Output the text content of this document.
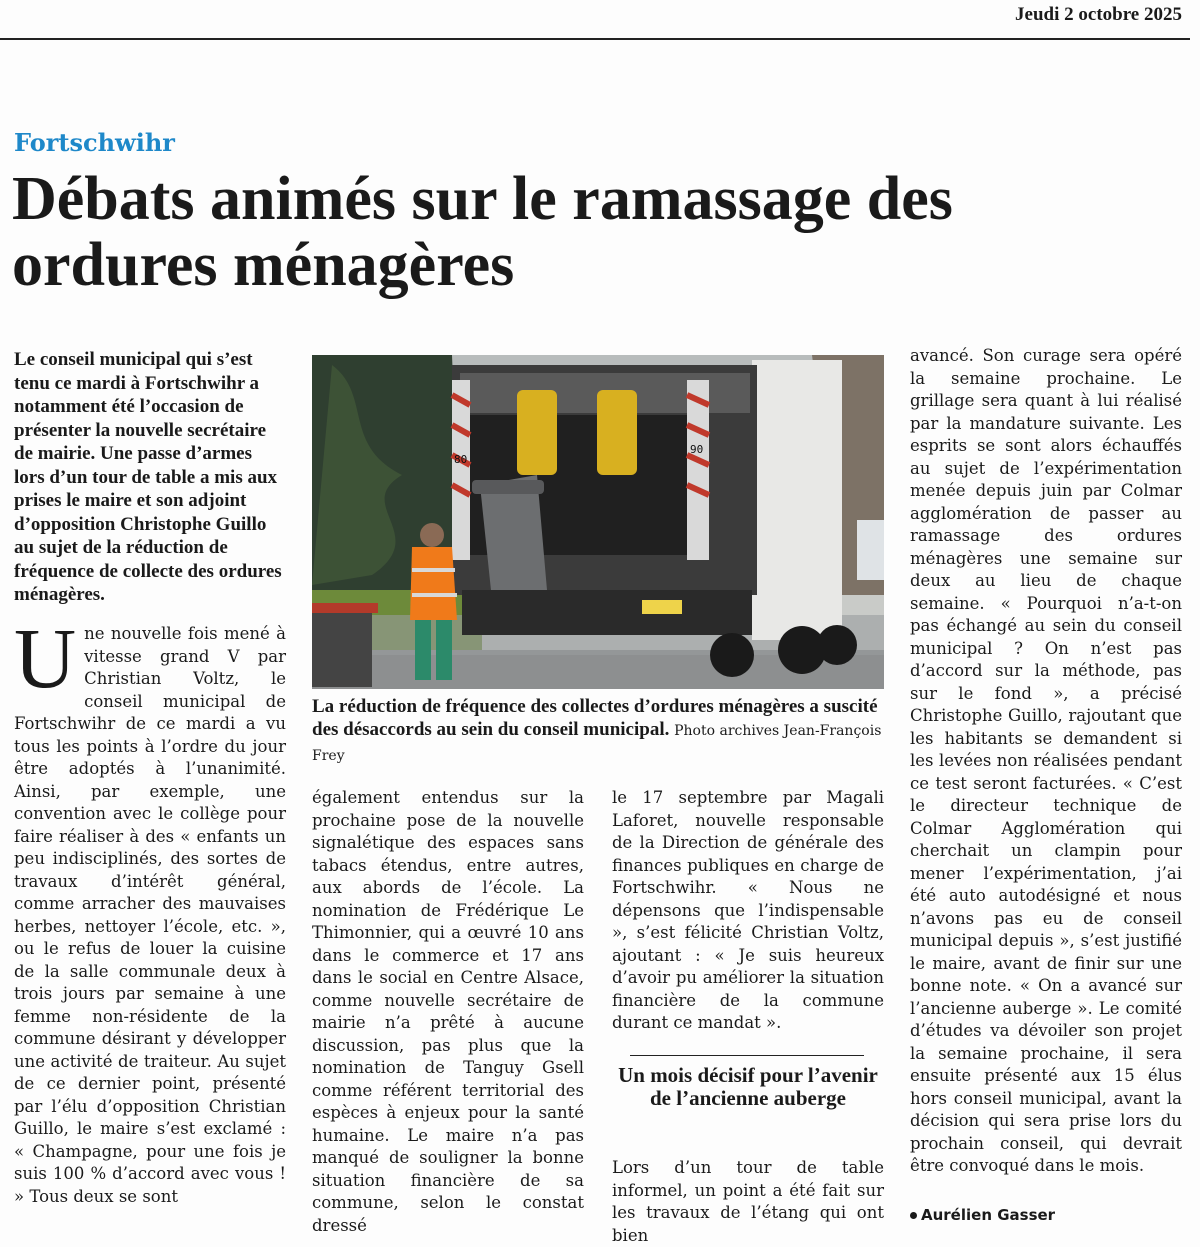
Jeudi 2 octobre 2025
Fortschwihr
Débats animés sur le ramassage des ordures ménagères
Le conseil municipal qui s’est tenu ce mardi à Fortschwihr a notamment été l’occasion de présenter la nouvelle secrétaire de mairie. Une passe d’armes lors d’un tour de table a mis aux prises le maire et son adjoint d’opposition Christophe Guillo au sujet de la réduction de fréquence de collecte des ordures ménagères.
Une nouvelle fois mené à vitesse grand V par Christian Voltz, le conseil municipal de Fortschwihr de ce mardi a vu tous les points à l’ordre du jour être adoptés à l’unanimité. Ainsi, par exemple, une convention avec le collège pour faire réaliser à des « enfants un peu indisciplinés, des sortes de travaux d’intérêt général, comme arracher des mauvaises herbes, nettoyer l’école, etc. », ou le refus de louer la cuisine de la salle communale deux à trois jours par semaine à une femme non-résidente de la commune désirant y développer une activité de traiteur. Au sujet de ce dernier point, présenté par l’élu d’opposition Christian Guillo, le maire s’est exclamé : « Champagne, pour une fois je suis 100 % d’accord avec vous ! » Tous deux se sont
également entendus sur la prochaine pose de la nouvelle signalétique des espaces sans tabacs étendus, entre autres, aux abords de l’école. La nomination de Frédérique Le Thimonnier, qui a œuvré 10 ans dans le commerce et 17 ans dans le social en Centre Alsace, comme nouvelle secrétaire de mairie n’a prêté à aucune discussion, pas plus que la nomination de Tanguy Gsell comme référent territorial des espèces à enjeux pour la santé humaine. Le maire n’a pas manqué de souligner la bonne situation financière de sa commune, selon le constat dressé
le 17 septembre par Magali Laforet, nouvelle responsable de la Direction de générale des finances publiques en charge de Fortschwihr. « Nous ne dépensons que l’indispensable », s’est félicité Christian Voltz, ajoutant : « Je suis heureux d’avoir pu améliorer la situation financière de la commune durant ce mandat ».
Un mois décisif pour l’avenir de l’ancienne auberge
Lors d’un tour de table informel, un point a été fait sur les travaux de l’étang qui ont bien
avancé. Son curage sera opéré la semaine prochaine. Le grillage sera quant à lui réalisé par la mandature suivante. Les esprits se sont alors échauffés au sujet de l’expérimentation menée depuis juin par Colmar agglomération de passer au ramassage des ordures ménagères une semaine sur deux au lieu de chaque semaine. « Pourquoi n’a-t-on pas échangé au sein du conseil municipal ? On n’est pas d’accord sur la méthode, pas sur le fond », a précisé Christophe Guillo, rajoutant que les habitants se demandent si les levées non réalisées pendant ce test seront facturées. « C’est le directeur technique de Colmar Agglomération qui cherchait un clampin pour mener l’expérimentation, j’ai été auto autodésigné et nous n’avons pas eu de conseil municipal depuis », s’est justifié le maire, avant de finir sur une bonne note. « On a avancé sur l’ancienne auberge ». Le comité d’études va dévoiler son projet la semaine prochaine, il sera ensuite présenté aux 15 élus hors conseil municipal, avant la décision qui sera prise lors du prochain conseil, qui devrait être convoqué dans le mois.
Aurélien Gasser
80
90
La réduction de fréquence des collectes d’ordures ménagères a suscité des désaccords au sein du conseil municipal. Photo archives Jean-François Frey
